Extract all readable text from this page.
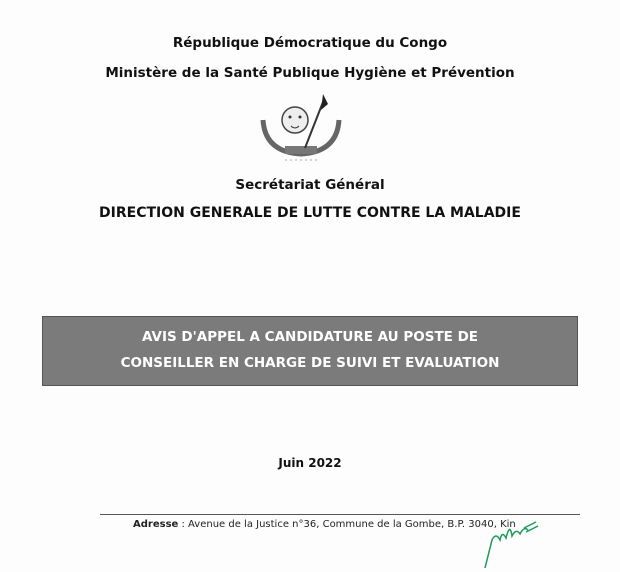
République Démocratique du Congo
Ministère de la Santé Publique Hygiène et Prévention
Secrétariat Général
DIRECTION GENERALE DE LUTTE CONTRE LA MALADIE
AVIS D'APPEL A CANDIDATURE AU POSTE DE
CONSEILLER EN CHARGE DE SUIVI ET EVALUATION
Juin 2022
Adresse : Avenue de la Justice n°36, Commune de la Gombe, B.P. 3040, Kin
